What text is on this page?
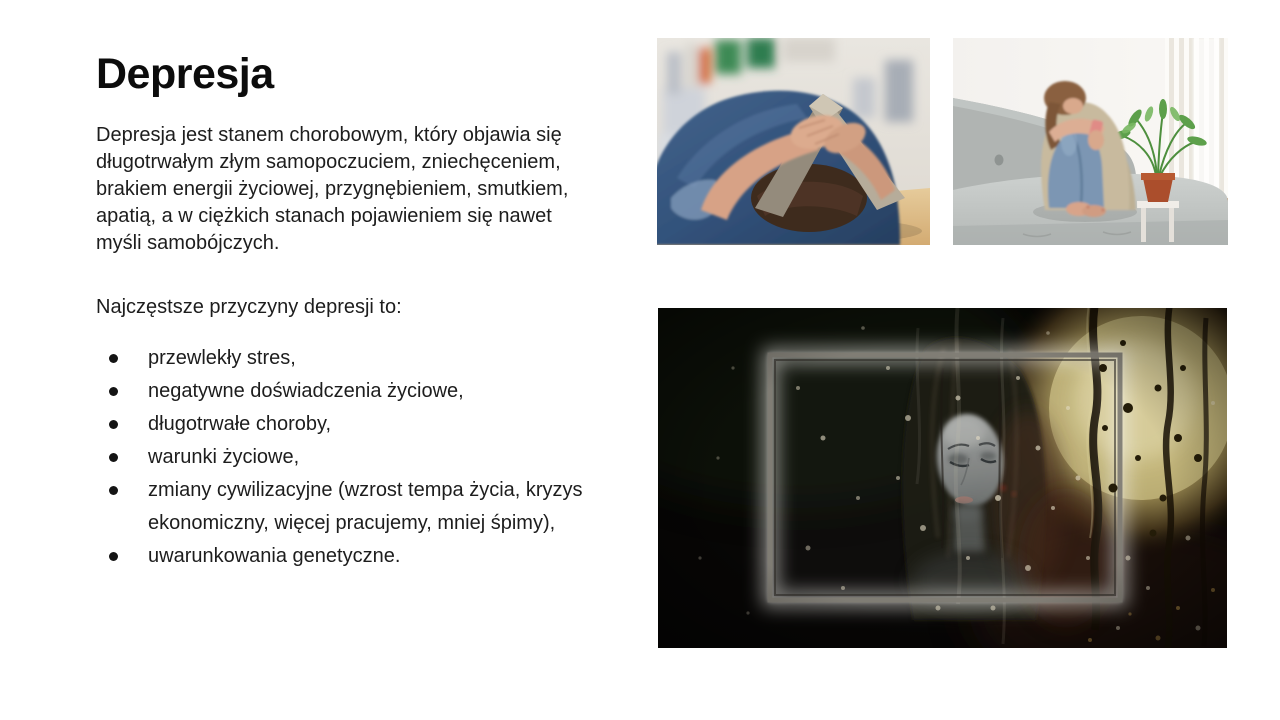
Depresja

Depresja jest stanem chorobowym, który objawia się długotrwałym złym samopoczuciem, zniechęceniem, brakiem energii życiowej, przygnębieniem, smutkiem, apatią, a w ciężkich stanach pojawieniem się nawet myśli samobójczych.

Najczęstsze przyczyny depresji to:

przewlekły stres,
negatywne doświadczenia życiowe,
długotrwałe choroby,
warunki życiowe,
zmiany cywilizacyjne (wzrost tempa życia, kryzys ekonomiczny, więcej pracujemy, mniej śpimy),
uwarunkowania genetyczne.
